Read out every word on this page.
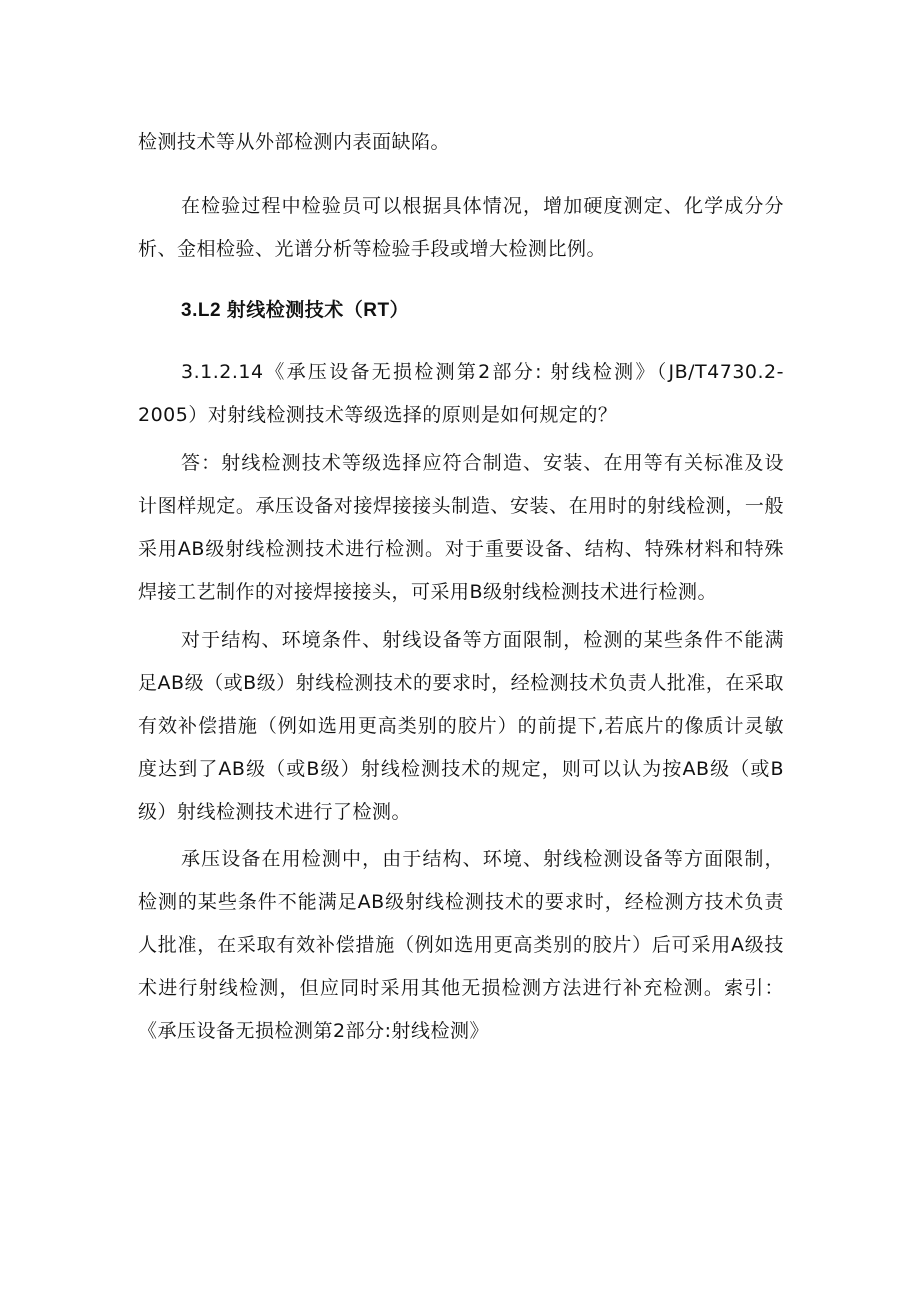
检测技术等从外部检测内表面缺陷。

在检验过程中检验员可以根据具体情况，增加硬度测定、化学成分分析、金相检验、光谱分析等检验手段或增大检测比例。

3.L2 射线检测技术（RT）

3.1.2.14《承压设备无损检测第2部分: 射线检测》（JB/T4730.2-2005）对射线检测技术等级选择的原则是如何规定的？

答：射线检测技术等级选择应符合制造、安装、在用等有关标准及设计图样规定。承压设备对接焊接接头制造、安装、在用时的射线检测，一般采用AB级射线检测技术进行检测。对于重要设备、结构、特殊材料和特殊焊接工艺制作的对接焊接接头，可采用B级射线检测技术进行检测。

对于结构、环境条件、射线设备等方面限制，检测的某些条件不能满足AB级（或B级）射线检测技术的要求时，经检测技术负责人批准，在采取有效补偿措施（例如选用更高类别的胶片）的前提下,若底片的像质计灵敏度达到了AB级（或B级）射线检测技术的规定，则可以认为按AB级（或B级）射线检测技术进行了检测。

承压设备在用检测中，由于结构、环境、射线检测设备等方面限制，检测的某些条件不能满足AB级射线检测技术的要求时，经检测方技术负责人批准，在采取有效补偿措施（例如选用更高类别的胶片）后可采用A级技术进行射线检测，但应同时采用其他无损检测方法进行补充检测。索引：《承压设备无损检测第2部分:射线检测》
